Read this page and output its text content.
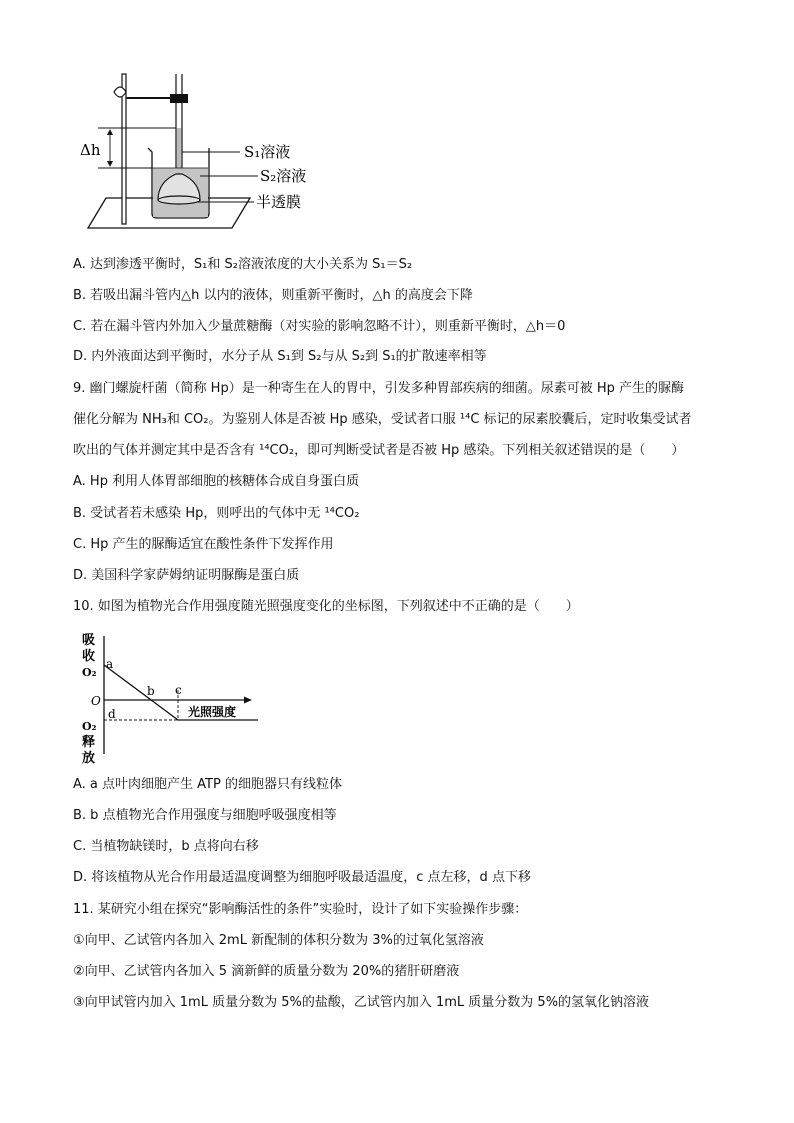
Δh	S₁溶液
S₂溶液
半透膜
A. 达到渗透平衡时，S₁和 S₂溶液浓度的大小关系为 S₁＝S₂
B. 若吸出漏斗管内△h 以内的液体，则重新平衡时，△h 的高度会下降
C. 若在漏斗管内外加入少量蔗糖酶（对实验的影响忽略不计），则重新平衡时，△h＝0
D. 内外液面达到平衡时，水分子从 S₁到 S₂与从 S₂到 S₁的扩散速率相等
9. 幽门螺旋杆菌（简称 Hp）是一种寄生在人的胃中，引发多种胃部疾病的细菌。尿素可被 Hp 产生的脲酶
催化分解为 NH₃和 CO₂。为鉴别人体是否被 Hp 感染，受试者口服 ¹⁴C 标记的尿素胶囊后，定时收集受试者
吹出的气体并测定其中是否含有 ¹⁴CO₂，即可判断受试者是否被 Hp 感染。下列相关叙述错误的是（　　）
A. Hp 利用人体胃部细胞的核糖体合成自身蛋白质
B. 受试者若未感染 Hp，则呼出的气体中无 ¹⁴CO₂
C. Hp 产生的脲酶适宜在酸性条件下发挥作用
D. 美国科学家萨姆纳证明脲酶是蛋白质
10. 如图为植物光合作用强度随光照强度变化的坐标图，下列叙述中不正确的是（　　）
吸
收
O₂
O
O₂
释
放
光照强度
a
b c
d
A. a 点叶肉细胞产生 ATP 的细胞器只有线粒体
B. b 点植物光合作用强度与细胞呼吸强度相等
C. 当植物缺镁时，b 点将向右移
D. 将该植物从光合作用最适温度调整为细胞呼吸最适温度，c 点左移，d 点下移
11. 某研究小组在探究“影响酶活性的条件”实验时，设计了如下实验操作步骤：
①向甲、乙试管内各加入 2mL 新配制的体积分数为 3%的过氧化氢溶液
②向甲、乙试管内各加入 5 滴新鲜的质量分数为 20%的猪肝研磨液
③向甲试管内加入 1mL 质量分数为 5%的盐酸，乙试管内加入 1mL 质量分数为 5%的氢氧化钠溶液
